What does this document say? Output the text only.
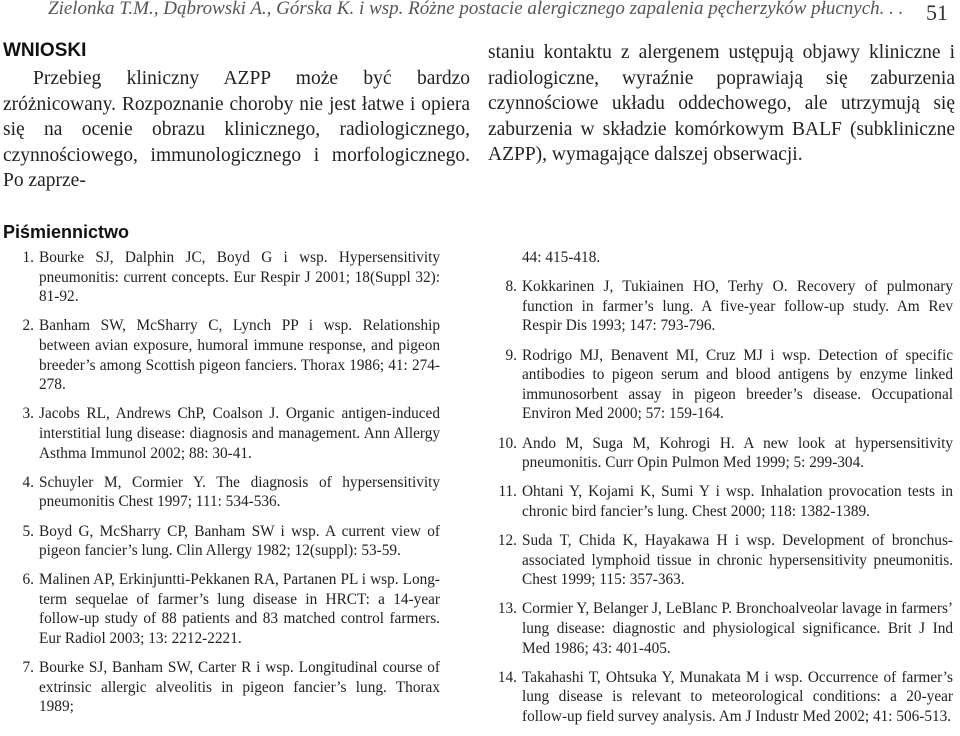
Zielonka T.M., Dąbrowski A., Górska K. i wsp. Różne postacie alergicznego zapalenia pęcherzyków płucnych. . . 51
WNIOSKI

Przebieg kliniczny AZPP może być bardzo zróżnicowany. Rozpoznanie choroby nie jest łatwe i opiera się na ocenie obrazu klinicznego, radiologicznego, czynnościowego, immunologicznego i morfologicznego. Po zaprze-

staniu kontaktu z alergenem ustępują objawy kliniczne i radiologiczne, wyraźnie poprawiają się zaburzenia czynnościowe układu oddechowego, ale utrzymują się zaburzenia w składzie komórkowym BALF (subkliniczne AZPP), wymagające dalszej obserwacji.

Piśmiennictwo
1. Bourke SJ, Dalphin JC, Boyd G i wsp. Hypersensitivity pneumonitis: current concepts. Eur Respir J 2001; 18(Suppl 32): 81-92.
2. Banham SW, McSharry C, Lynch PP i wsp. Relationship between avian exposure, humoral immune response, and pigeon breeder’s among Scottish pigeon fanciers. Thorax 1986; 41: 274-278.
3. Jacobs RL, Andrews ChP, Coalson J. Organic antigen-induced interstitial lung disease: diagnosis and management. Ann Allergy Asthma Immunol 2002; 88: 30-41.
4. Schuyler M, Cormier Y. The diagnosis of hypersensitivity pneumonitis Chest 1997; 111: 534-536.
5. Boyd G, McSharry CP, Banham SW i wsp. A current view of pigeon fancier’s lung. Clin Allergy 1982; 12(suppl): 53-59.
6. Malinen AP, Erkinjuntti-Pekkanen RA, Partanen PL i wsp. Long-term sequelae of farmer’s lung disease in HRCT: a 14-year follow-up study of 88 patients and 83 matched control farmers. Eur Radiol 2003; 13: 2212-2221.
7. Bourke SJ, Banham SW, Carter R i wsp. Longitudinal course of extrinsic allergic alveolitis in pigeon fancier’s lung. Thorax 1989;
44: 415-418.
8. Kokkarinen J, Tukiainen HO, Terhy O. Recovery of pulmonary function in farmer’s lung. A five-year follow-up study. Am Rev Respir Dis 1993; 147: 793-796.
9. Rodrigo MJ, Benavent MI, Cruz MJ i wsp. Detection of specific antibodies to pigeon serum and blood antigens by enzyme linked immunosorbent assay in pigeon breeder’s disease. Occupational Environ Med 2000; 57: 159-164.
10. Ando M, Suga M, Kohrogi H. A new look at hypersensitivity pneumonitis. Curr Opin Pulmon Med 1999; 5: 299-304.
11. Ohtani Y, Kojami K, Sumi Y i wsp. Inhalation provocation tests in chronic bird fancier’s lung. Chest 2000; 118: 1382-1389.
12. Suda T, Chida K, Hayakawa H i wsp. Development of bronchus-associated lymphoid tissue in chronic hypersensitivity pneumonitis. Chest 1999; 115: 357-363.
13. Cormier Y, Belanger J, LeBlanc P. Bronchoalveolar lavage in farmers’ lung disease: diagnostic and physiological significance. Brit J Ind Med 1986; 43: 401-405.
14. Takahashi T, Ohtsuka Y, Munakata M i wsp. Occurrence of farmer’s lung disease is relevant to meteorological conditions: a 20-year follow-up field survey analysis. Am J Industr Med 2002; 41: 506-513.
